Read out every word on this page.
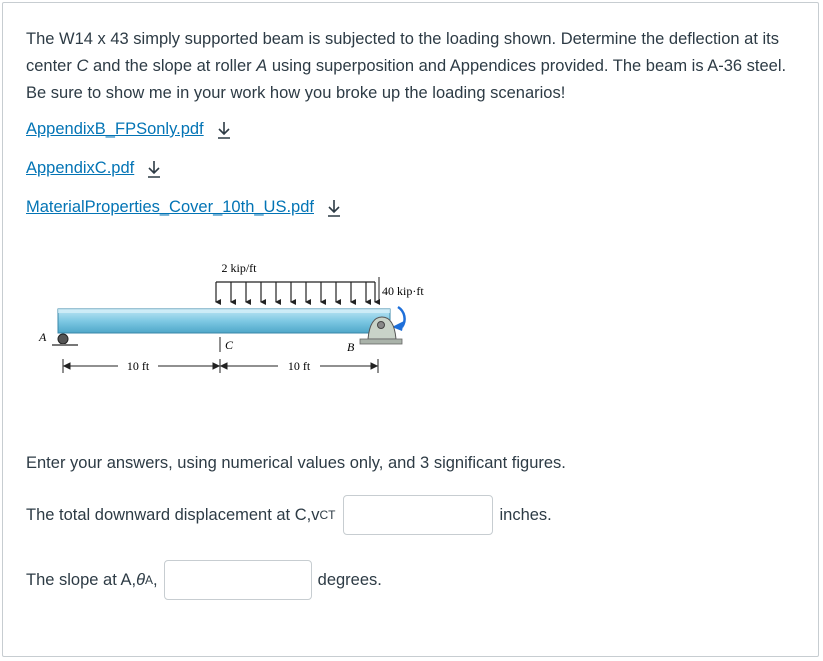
The W14 x 43 simply supported beam is subjected to the loading shown. Determine the deflection at its center C and the slope at roller A using superposition and Appendices provided. The beam is A-36 steel. Be sure to show me in your work how you broke up the loading scenarios!
AppendixB_FPSonly.pdf
AppendixC.pdf
MaterialProperties_Cover_10th_US.pdf
2 kip/ft
40 kip·ft
A
B
C
10 ft	10 ft
Enter your answers, using numerical values only, and 3 significant figures.
The total downward displacement at C, v CT	inches.
The slope at A, θ A ,	degrees.
